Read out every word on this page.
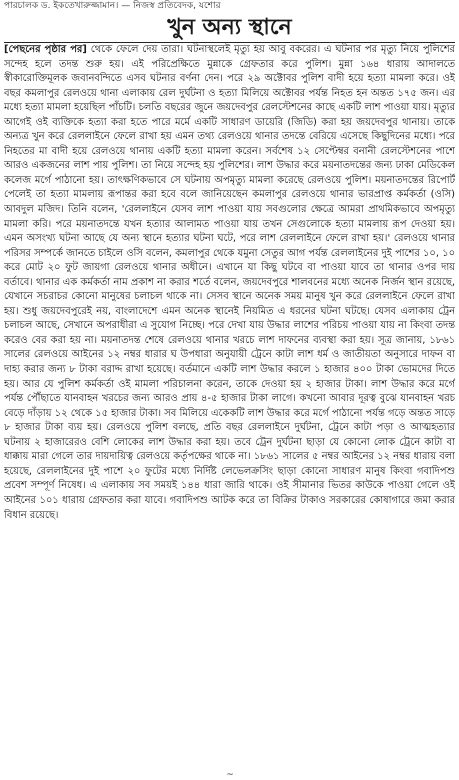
পারচালক ড. ইকতেখারুজ্জামান। — নিজস্ব প্রতিবেদক, যশোর
খুন অন্য স্থানে

[পেছনের পৃষ্ঠার পর] থেকে ফেলে দেয় তারা। ঘটনাস্থলেই মৃত্যু হয় আবু বকরের। এ ঘটনার পর মৃত্যু নিয়ে পুলিশের সন্দেহ হলে তদন্ত শুরু হয়। এই পরিপ্রেক্ষিতে মুন্নাকে গ্রেফতার করে পুলিশ। মুন্না ১৬৪ ধারায় আদালতে স্বীকারোক্তিমূলক জবানবন্দিতে এসব ঘটনার বর্ণনা দেন। পরে ২৯ অক্টোবর পুলিশ বাদী হয়ে হত্যা মামলা করে। ওই বছর কমলাপুর রেলওয়ে থানা এলাকায় রেল দুর্ঘটনা ও হত্যা মিলিয়ে অক্টোবর পর্যন্ত নিহত হন অন্তত ১৭৫ জন। এর মধ্যে হত্যা মামলা হয়েছিল পাঁচটি। চলতি বছরের জুনে জয়দেবপুর রেলস্টেশনের কাছে একটি লাশ পাওয়া যায়। মৃত্যুর আগেই ওই ব্যক্তিকে হত্যা করা হতে পারে মর্মে একটি সাধারণ ডায়েরি (জিডি) করা হয় জয়দেবপুর থানায়। তাকে অন্যত্র খুন করে রেললাইনে ফেলে রাখা হয় এমন তথ্য রেলওয়ে থানার তদন্তে বেরিয়ে এসেছে কিছুদিনের মধ্যে। পরে নিহতের মা বাদী হয়ে রেলওয়ে থানায় একটি হত্যা মামলা করেন। সর্বশেষ ১২ সেপ্টেম্বর বনানী রেলস্টেশনের পাশে আরও একজনের লাশ পায় পুলিশ। তা নিয়ে সন্দেহ হয় পুলিশের। লাশ উদ্ধার করে ময়নাতদন্তের জন্য ঢাকা মেডিকেল কলেজ মর্গে পাঠানো হয়। তাৎক্ষণিকভাবে সে ঘটনায় অপমৃত্যু মামলা করেছে রেলওয়ে পুলিশ। ময়নাতদন্তের রিপোর্ট পেলেই তা হত্যা মামলায় রূপান্তর করা হবে বলে জানিয়েছেন কমলাপুর রেলওয়ে থানার ভারপ্রাপ্ত কর্মকর্তা (ওসি) আবদুল মজিদ। তিনি বলেন, 'রেললাইনে যেসব লাশ পাওয়া যায় সবগুলোর ক্ষেত্রে আমরা প্রাথমিকভাবে অপমৃত্যু মামলা করি। পরে ময়নাতদন্তে যখন হত্যার আলামত পাওয়া যায় তখন সেগুলোকে হত্যা মামলায় রূপ দেওয়া হয়। এমন অসংখ্য ঘটনা আছে যে অন্য স্থানে হত্যার ঘটনা ঘটে, পরে লাশ রেললাইনে ফেলে রাখা হয়।' রেলওয়ে থানার পরিসর সম্পর্কে জানতে চাইলে ওসি বলেন, কমলাপুর থেকে যমুনা সেতুর আগ পর্যন্ত রেললাইনের দুই পাশের ১০, ১০ করে মোট ২০ ফুট জায়গা রেলওয়ে থানার অধীনে। এখানে যা কিছু ঘটবে বা পাওয়া যাবে তা থানার ওপর দায় বর্তাবে। থানার এক কর্মকর্তা নাম প্রকাশ না করার শর্তে বলেন, জয়দেবপুরে শালবনের মধ্যে অনেক নির্জন স্থান রয়েছে, যেখানে সচরাচর কোনো মানুষের চলাচল থাকে না। সেসব স্থানে অনেক সময় মানুষ খুন করে রেললাইনে ফেলে রাখা হয়। শুধু জয়দেবপুরেই নয়, বাংলাদেশে এমন অনেক স্থানেই নিয়মিত এ ধরনের ঘটনা ঘটছে। যেসব এলাকায় ট্রেন চলাচল আছে, সেখানে অপরাধীরা এ সুযোগ নিচ্ছে। পরে দেখা যায় উদ্ধার লাশের পরিচয় পাওয়া যায় না কিংবা তদন্ত করেও বের করা হয় না। ময়নাতদন্ত শেষে রেলওয়ে থানার খরচে লাশ দাফনের ব্যবস্থা করা হয়। সূত্র জানায়, ১৮৬১ সালের রেলওয়ে আইনের ১২ নম্বর ধারার ঘ উপধারা অনুযায়ী ট্রেনে কাটা লাশ ধর্ম ও জাতীয়তা অনুসারে দাফন বা দাহ্য করার জন্য ৮ টাকা বরাদ্দ রাখা হয়েছে। বর্তমানে একটি লাশ উদ্ধার করলে ১ হাজার ৪০০ টাকা ভোমদের দিতে হয়। আর যে পুলিশ কর্মকর্তা ওই মামলা পরিচালনা করেন, তাকে দেওয়া হয় ২ হাজার টাকা। লাশ উদ্ধার করে মর্গে পর্যন্ত পৌঁছাতে যানবাহন খরচের জন্য আরও প্রায় ৪-৫ হাজার টাকা লাগে। কখনো আবার দূরত্ব বুঝে যানবাহন খরচ বেড়ে দাঁড়ায় ১২ থেকে ১৫ হাজার টাকা। সব মিলিয়ে একেকটি লাশ উদ্ধার করে মর্গে পাঠানো পর্যন্ত গড়ে অন্তত সাড়ে ৮ হাজার টাকা ব্যয় হয়। রেলওয়ে পুলিশ বলছে, প্রতি বছর রেললাইনে দুর্ঘটনা, ট্রেনে কাটা পড়া ও আত্মহত্যার ঘটনায় ২ হাজারেরও বেশি লোকের লাশ উদ্ধার করা হয়। তবে ট্রেন দুর্ঘটনা ছাড়া যে কোনো লোক ট্রেনে কাটা বা ধাক্কায় মারা গেলে তার দায়দায়িত্ব রেলওয়ে কর্তৃপক্ষের থাকে না। ১৮৬১ সালের ৫ নম্বর আইনের ১২ নম্বর ধারায় বলা হয়েছে, রেললাইনের দুই পাশে ২০ ফুটের মধ্যে নির্দিষ্ট লেভেলক্রসিং ছাড়া কোনো সাধারণ মানুষ কিংবা গবাদিপশু প্রবেশ সম্পূর্ণ নিষেধ। এ এলাকায় সব সময়ই ১৪৪ ধারা জারি থাকে। ওই সীমানার ভিতর কাউকে পাওয়া গেলে ওই আইনের ১০১ ধারায় গ্রেফতার করা যাবে। গবাদিপশু আটক করে তা বিক্রির টাকাও সরকারের কোষাগারে জমা করার বিধান রয়েছে।

~
